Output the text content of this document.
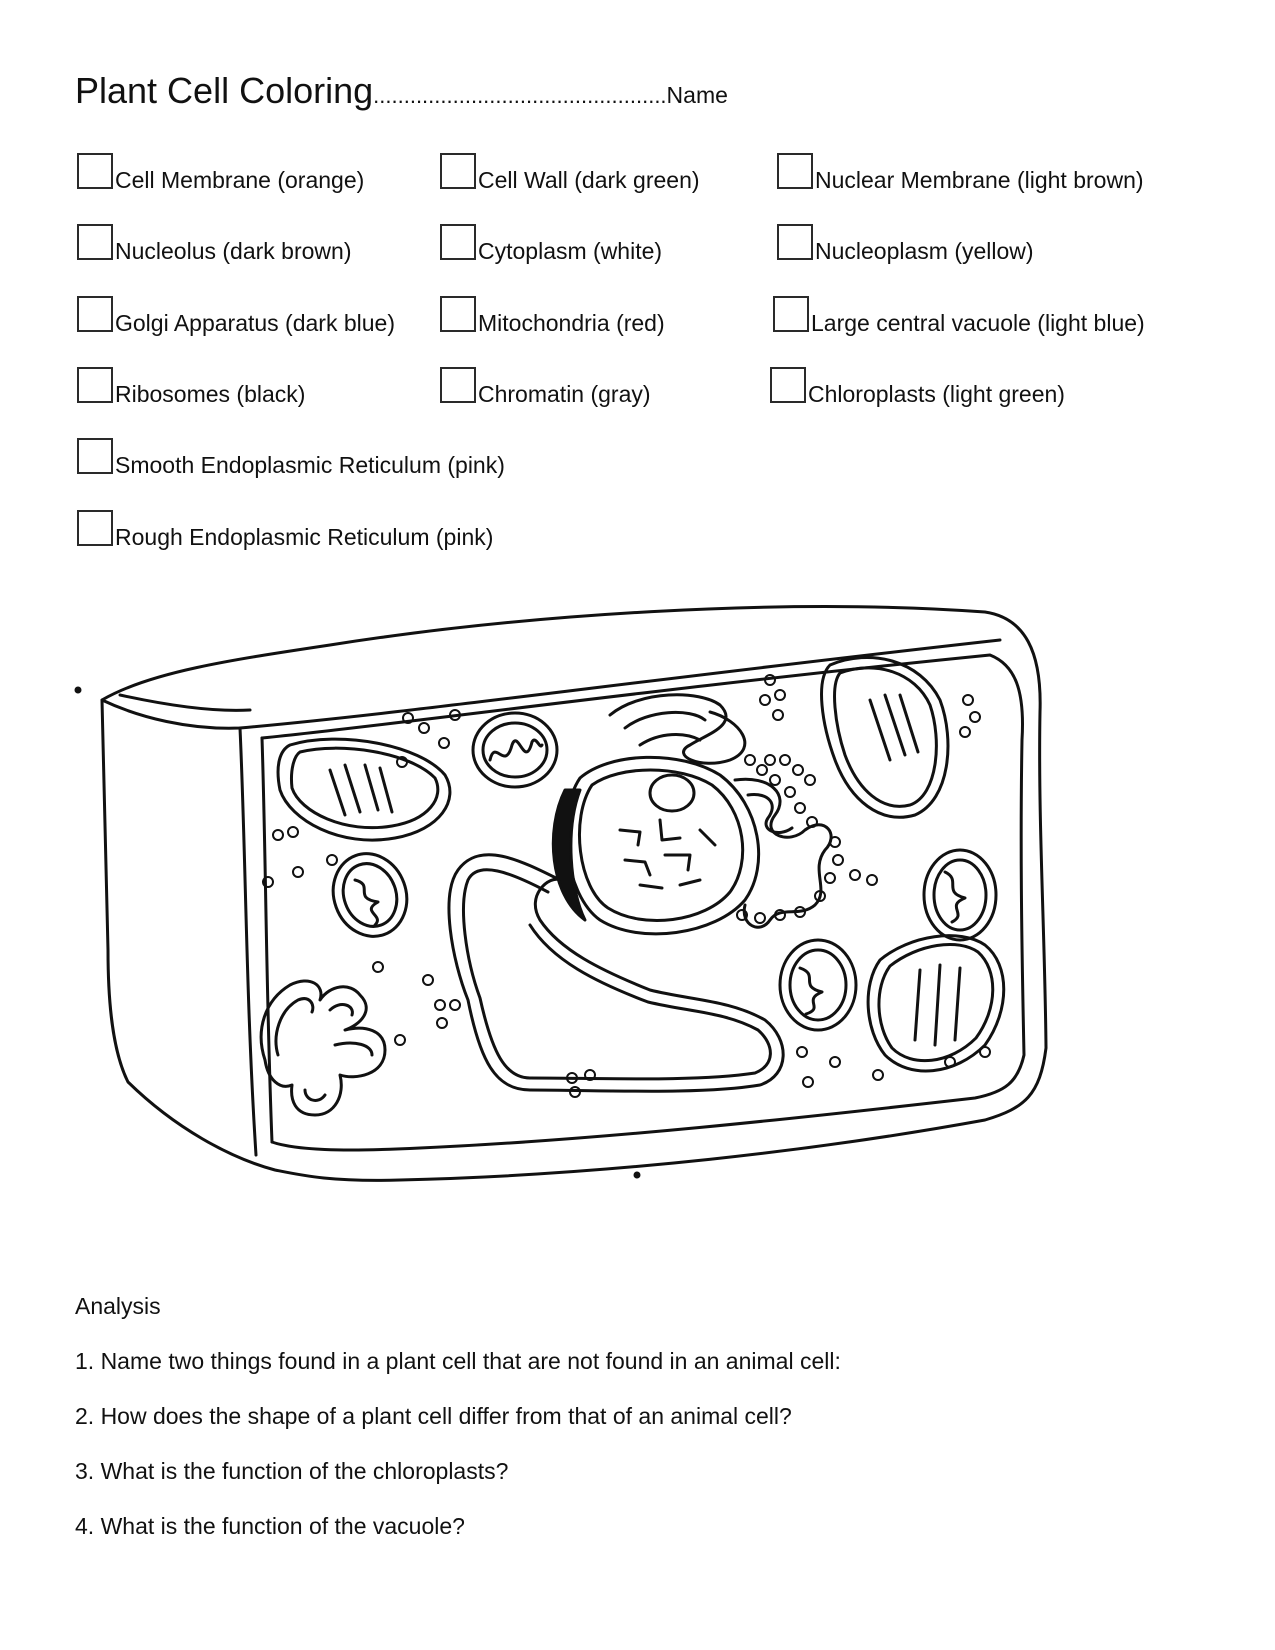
Plant Cell Coloring................................................Name
Cell Membrane (orange)	Cell Wall (dark green)	Nuclear Membrane (light brown)
Nucleolus (dark brown)	Cytoplasm (white)	Nucleoplasm (yellow)
Golgi Apparatus (dark blue)	Mitochondria (red)	Large central vacuole (light blue)
Ribosomes (black)	Chromatin (gray)	Chloroplasts (light green)
Smooth Endoplasmic Reticulum (pink)
Rough Endoplasmic Reticulum (pink)
Analysis
1. Name two things found in a plant cell that are not found in an animal cell:
2. How does the shape of a plant cell differ from that of an animal cell?
3. What is the function of the chloroplasts?
4. What is the function of the vacuole?
